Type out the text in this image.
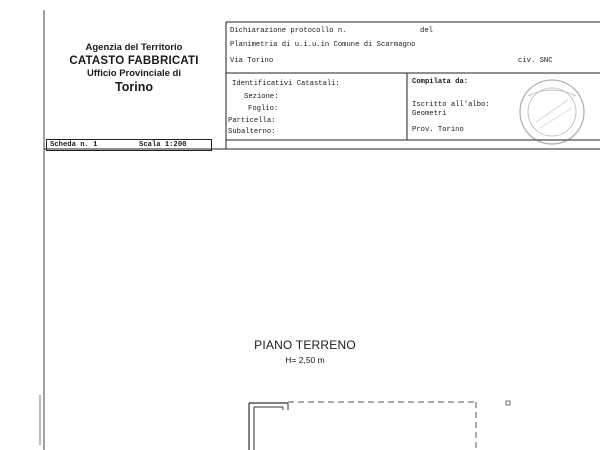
Agenzia del Territorio
CATASTO FABBRICATI
Ufficio Provinciale di
Torino
Dichiarazione protocollo n.	del
Planimetria di u.i.u.in Comune di Scarmagno
Via Torino	civ. SNC
Identificativi Catastali:
Sezione:
Foglio:
Particella:
Subalterno:
Compilata da:
Iscritto all'albo:
Geometri
Prov. Torino
Scheda n. 1	Scala 1:200
PIANO TERRENO
H= 2,50 m
